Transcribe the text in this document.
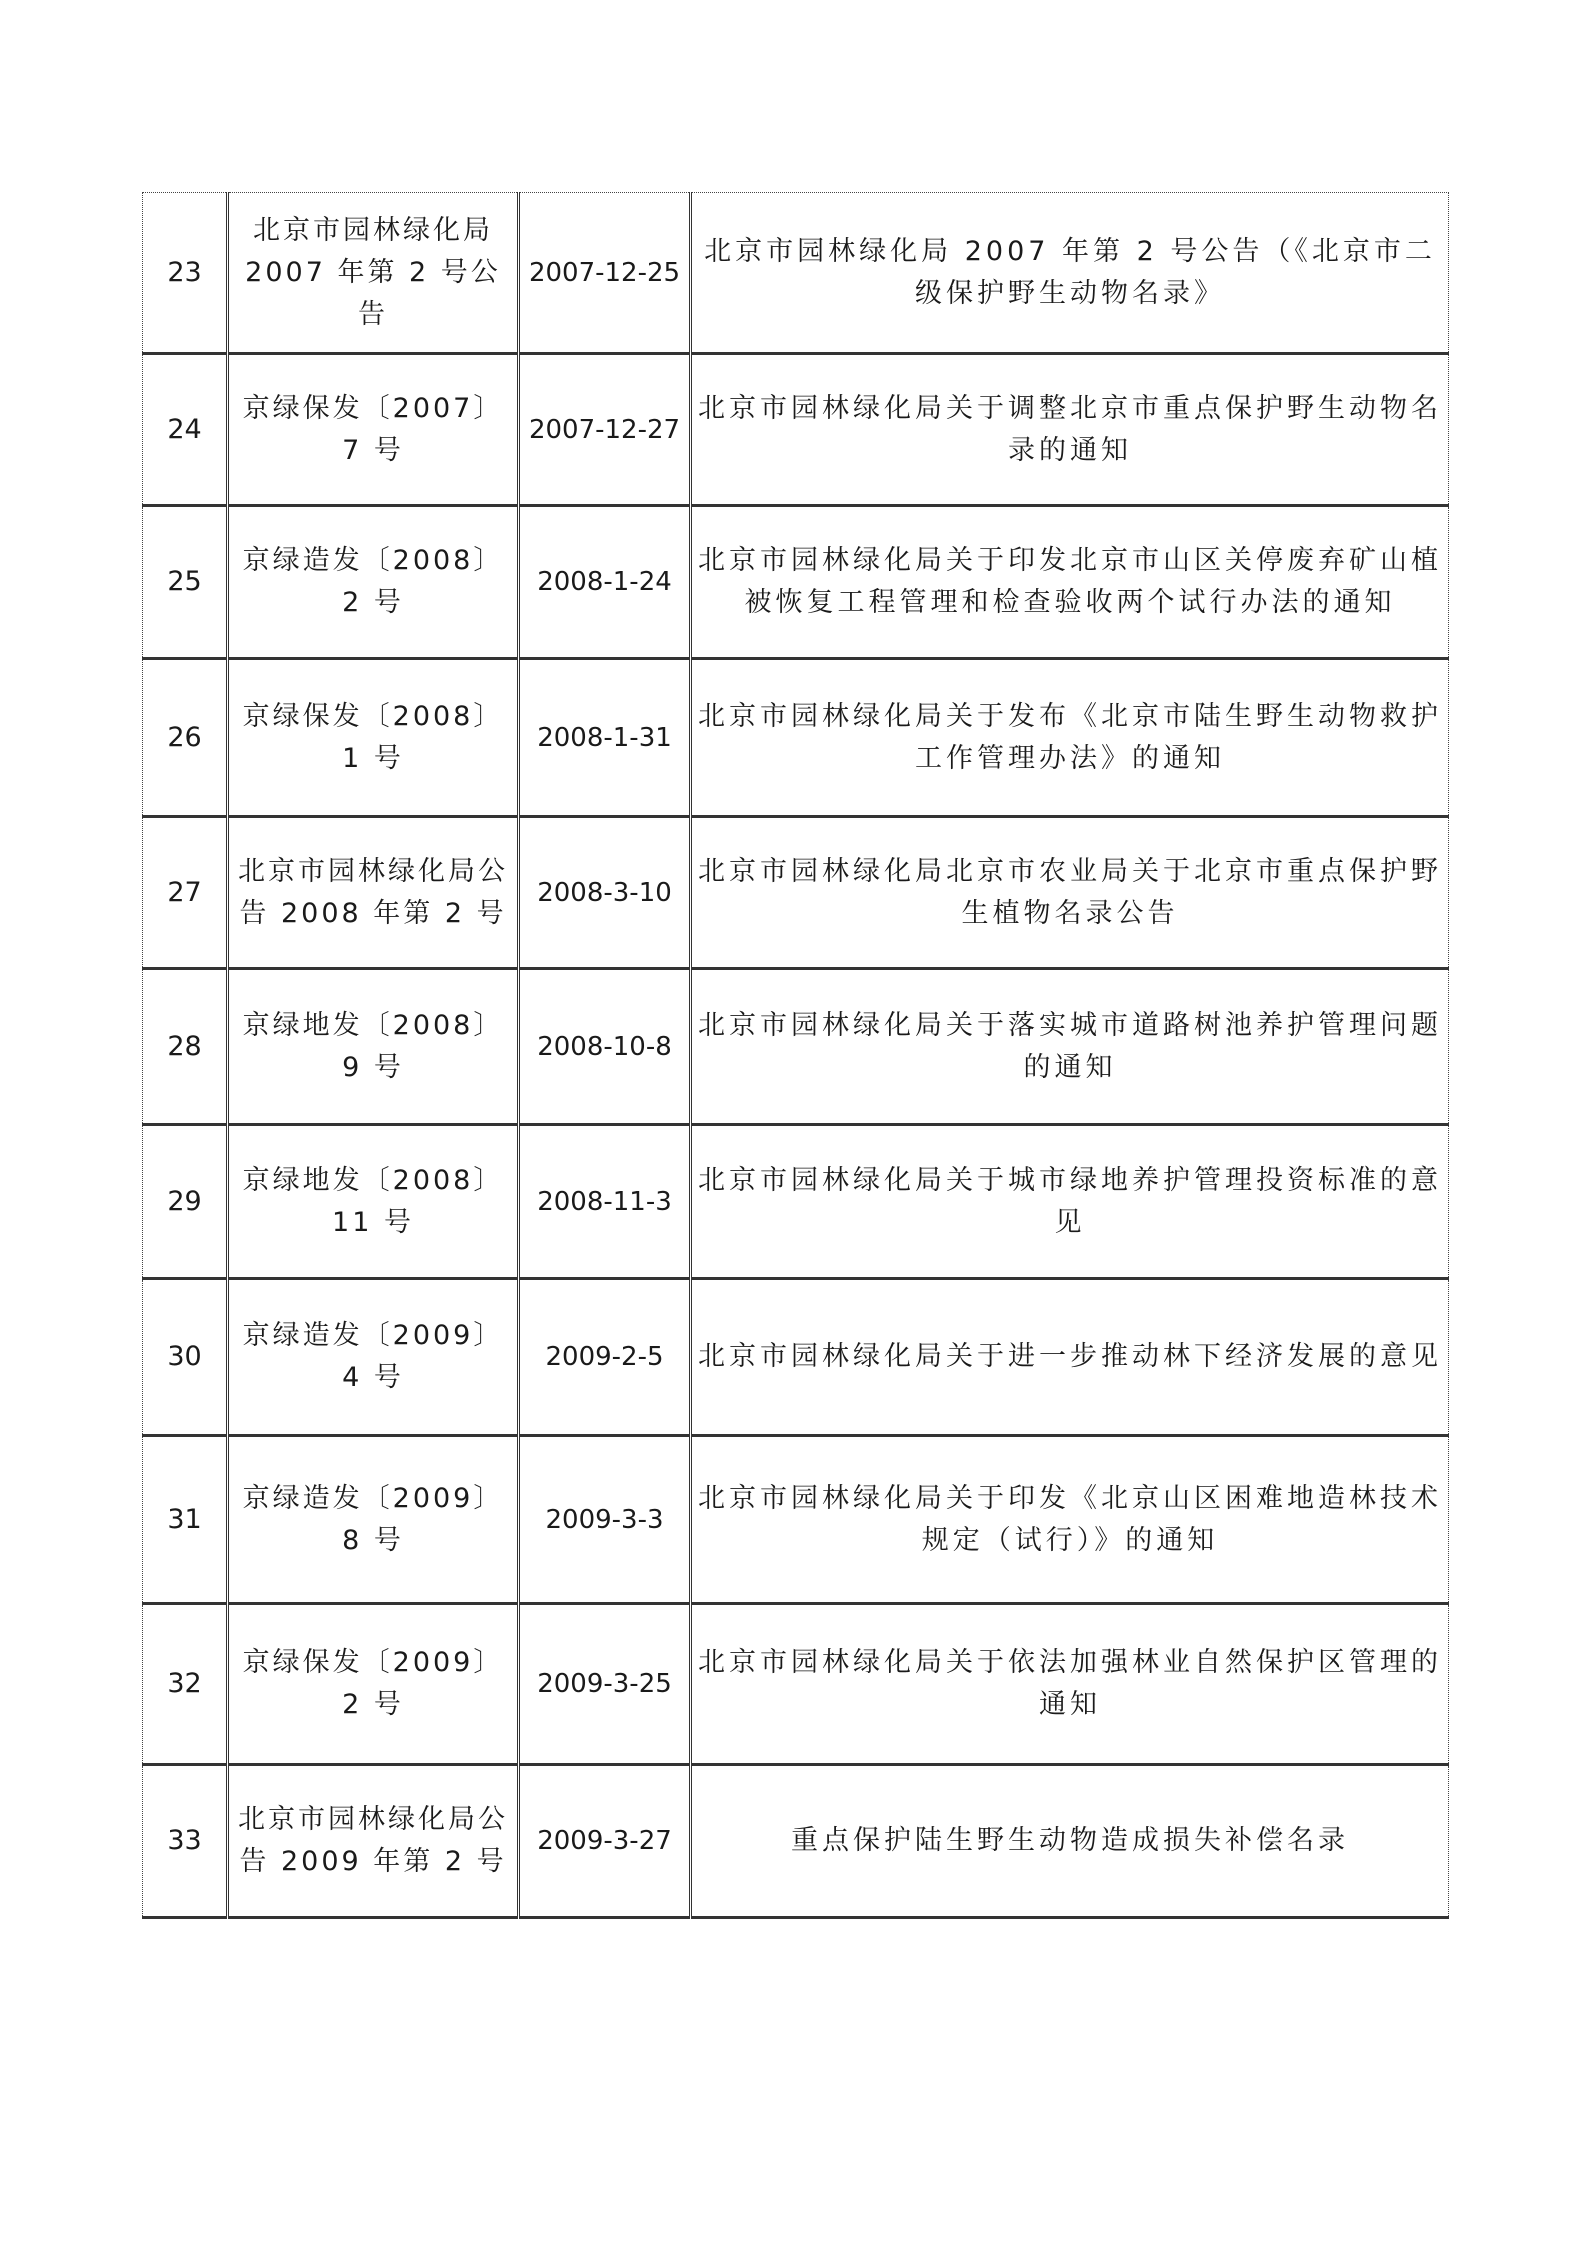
23	北京市园林绿化局 2007 年第 2 号公告	2007-12-25	北京市园林绿化局 2007 年第 2 号公告（《北京市二级保护野生动物名录》
24	京绿保发〔2007〕7 号	2007-12-27	北京市园林绿化局关于调整北京市重点保护野生动物名录的通知
25	京绿造发〔2008〕2 号	2008-1-24	北京市园林绿化局关于印发北京市山区关停废弃矿山植被恢复工程管理和检查验收两个试行办法的通知
26	京绿保发〔2008〕1 号	2008-1-31	北京市园林绿化局关于发布《北京市陆生野生动物救护工作管理办法》的通知
27	北京市园林绿化局公告 2008 年第 2 号	2008-3-10	北京市园林绿化局北京市农业局关于北京市重点保护野生植物名录公告
28	京绿地发〔2008〕9 号	2008-10-8	北京市园林绿化局关于落实城市道路树池养护管理问题的通知
29	京绿地发〔2008〕11 号	2008-11-3	北京市园林绿化局关于城市绿地养护管理投资标准的意见
30	京绿造发〔2009〕4 号	2009-2-5	北京市园林绿化局关于进一步推动林下经济发展的意见
31	京绿造发〔2009〕8 号	2009-3-3	北京市园林绿化局关于印发《北京山区困难地造林技术规定（试行）》的通知
32	京绿保发〔2009〕2 号	2009-3-25	北京市园林绿化局关于依法加强林业自然保护区管理的通知
33	北京市园林绿化局公告 2009 年第 2 号	2009-3-27	重点保护陆生野生动物造成损失补偿名录
